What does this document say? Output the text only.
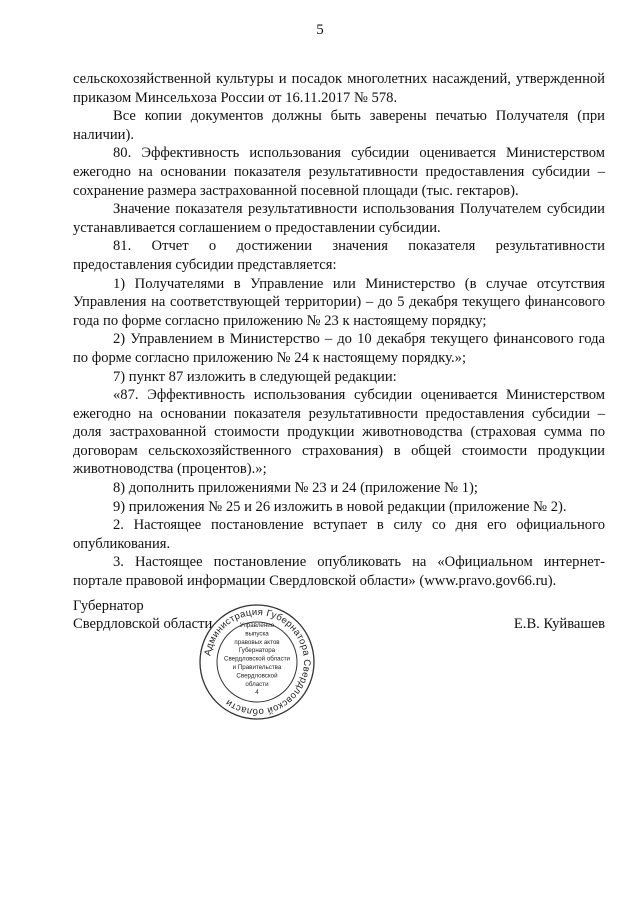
5

сельскохозяйственной культуры и посадок многолетних насаждений, утвержденной приказом Минсельхоза России от 16.11.2017 № 578.

Все копии документов должны быть заверены печатью Получателя (при наличии).

80. Эффективность использования субсидии оценивается Министерством ежегодно на основании показателя результативности предоставления субсидии – сохранение размера застрахованной посевной площади (тыс. гектаров).

Значение показателя результативности использования Получателем субсидии устанавливается соглашением о предоставлении субсидии.

81. Отчет о достижении значения показателя результативности предоставления субсидии представляется:

1) Получателями в Управление или Министерство (в случае отсутствия Управления на соответствующей территории) – до 5 декабря текущего финансового года по форме согласно приложению № 23 к настоящему порядку;

2) Управлением в Министерство – до 10 декабря текущего финансового года по форме согласно приложению № 24 к настоящему порядку.»;

7) пункт 87 изложить в следующей редакции:

«87. Эффективность использования субсидии оценивается Министерством ежегодно на основании показателя результативности предоставления субсидии – доля застрахованной стоимости продукции животноводства (страховая сумма по договорам сельскохозяйственного страхования) в общей стоимости продукции животноводства (процентов).»;

8) дополнить приложениями № 23 и 24 (приложение № 1);

9) приложения № 25 и 26 изложить в новой редакции (приложение № 2).

2. Настоящее постановление вступает в силу со дня его официального опубликования.

3. Настоящее постановление опубликовать на «Официальном интернет-портале правовой информации Свердловской области» (www.pravo.gov66.ru).

Губернатор
Свердловской области	Е.В. Куйвашев
Администрация Губернатора Свердловской области
Управление
выпуска
правовых актов
Губернатора
Свердловской области
и Правительства
Свердловской
области
4
